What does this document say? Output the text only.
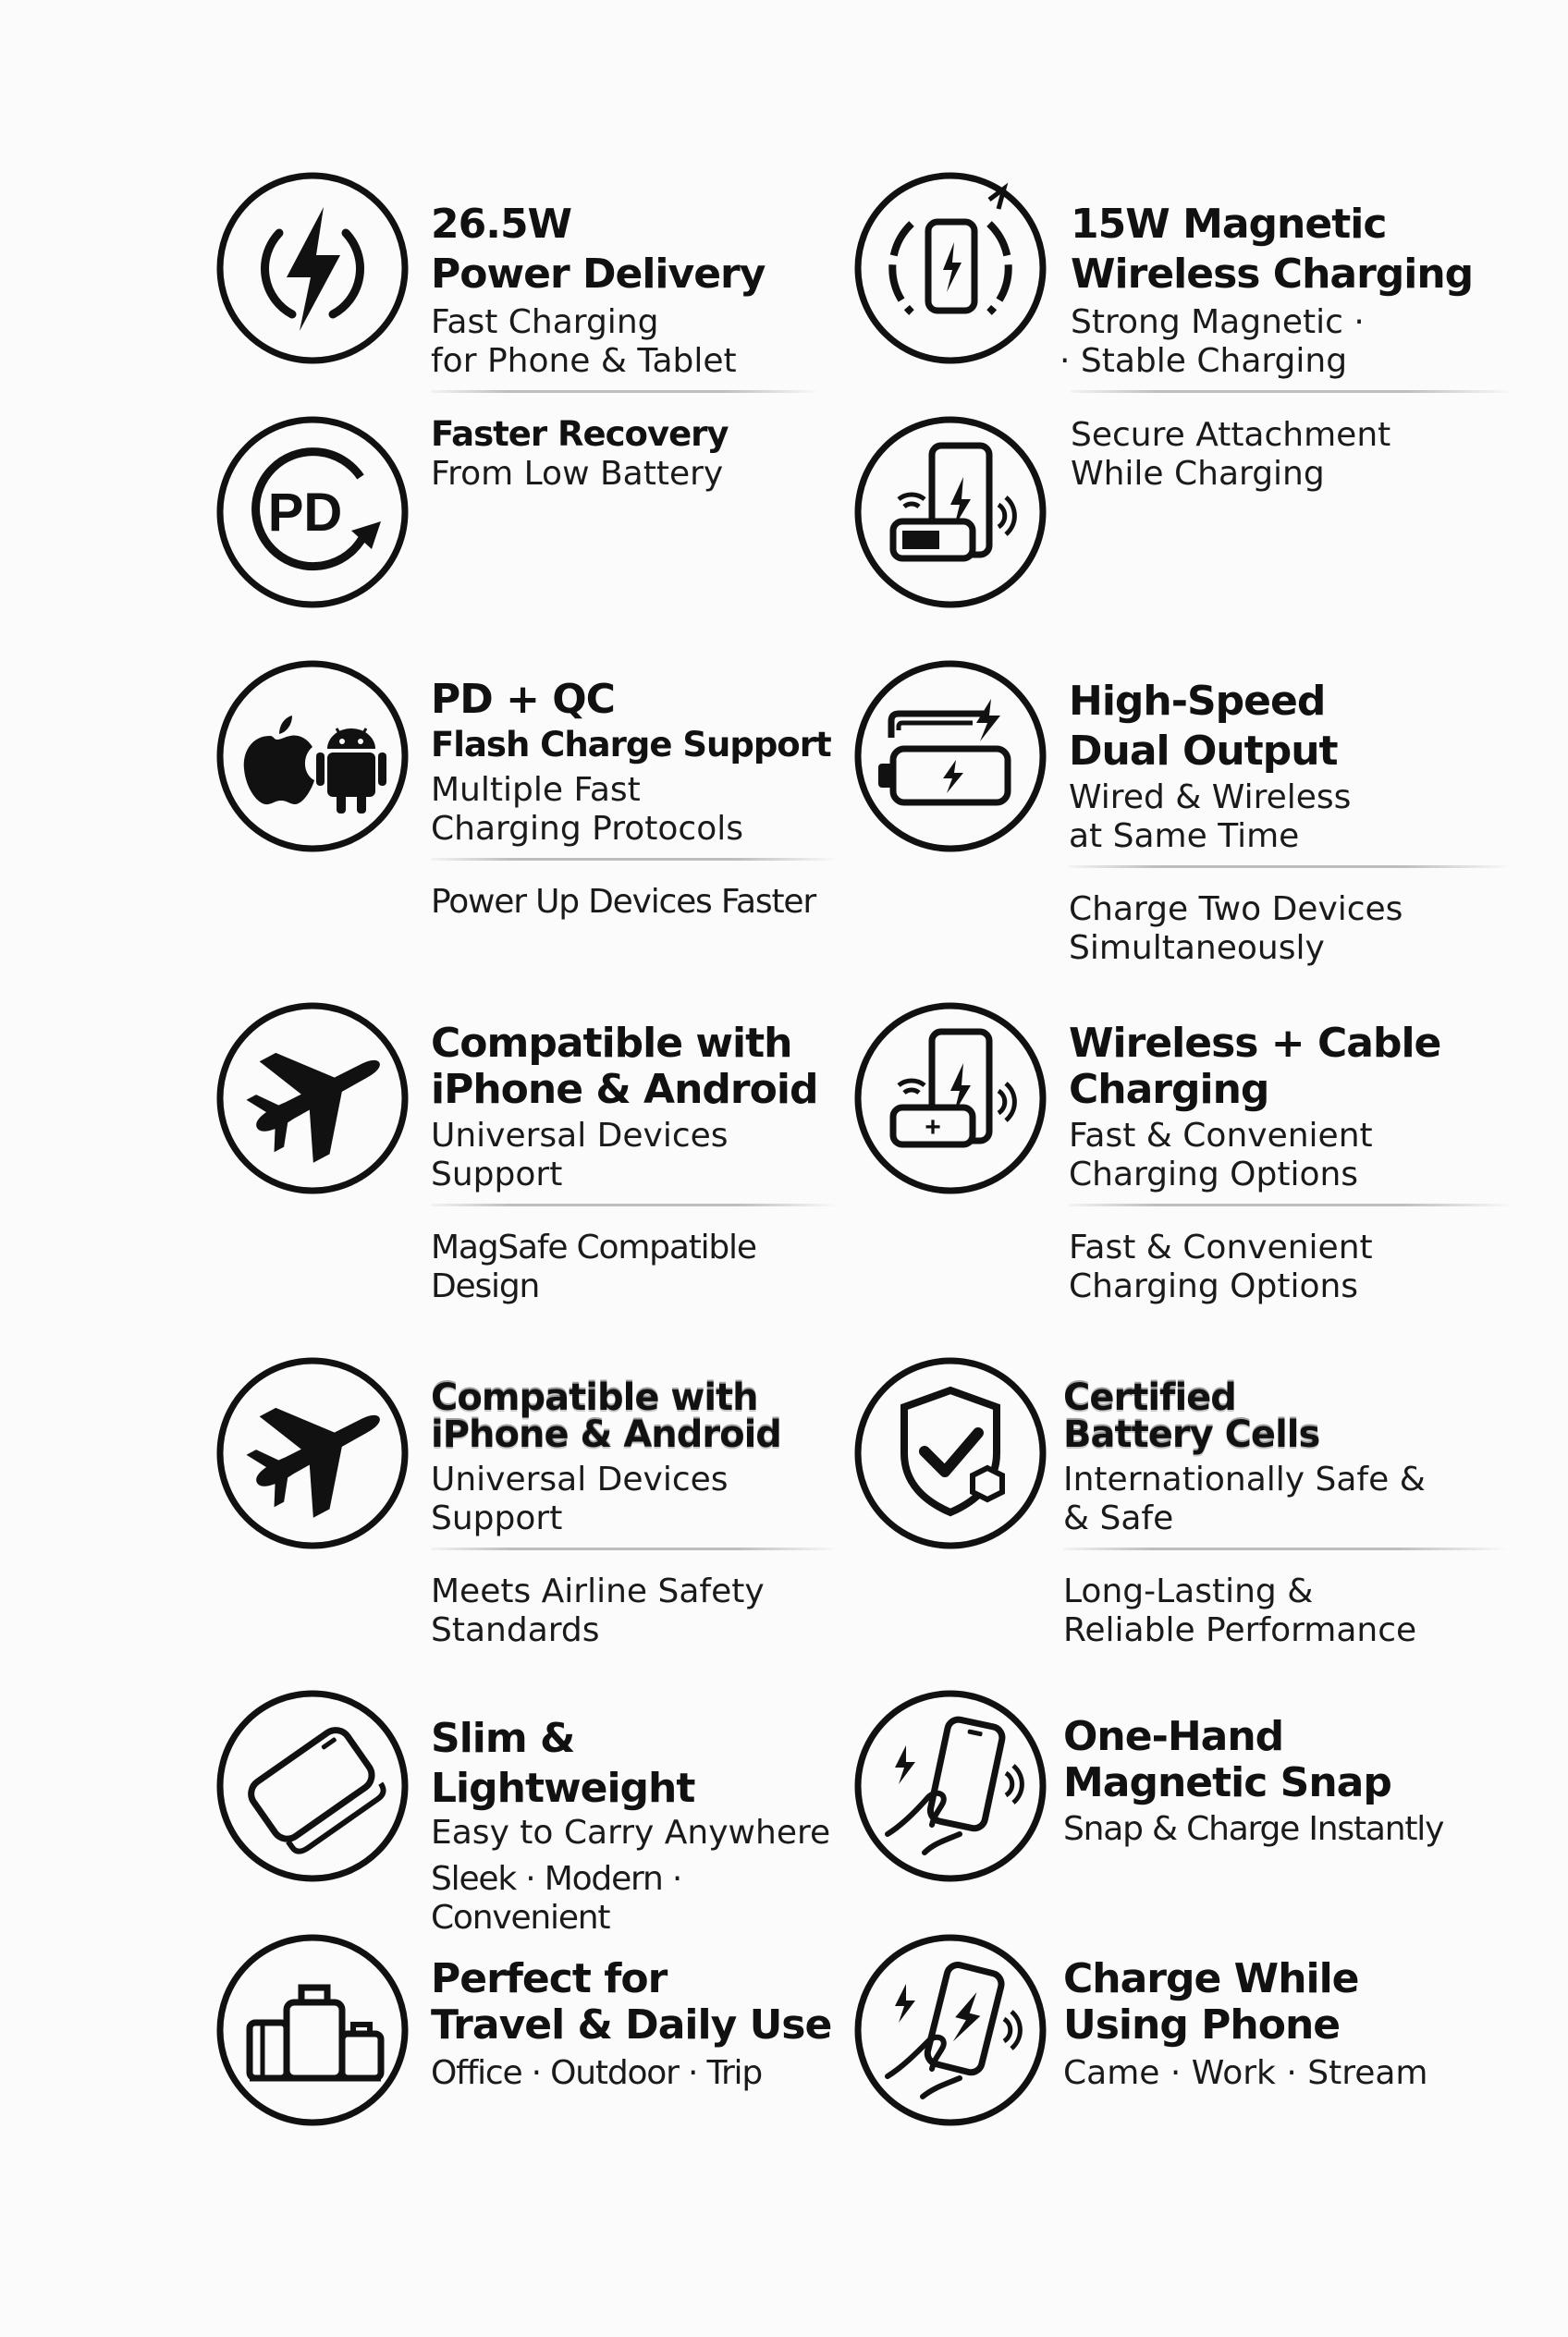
PD
+

26.5W

Power Delivery

Fast Charging

for Phone & Tablet

Faster Recovery

From Low Battery

PD + QC

Flash Charge Support

Multiple Fast

Charging Protocols

Power Up Devices Faster

Compatible with

iPhone & Android

Universal Devices

Support

MagSafe Compatible Design

Compatible with

iPhone & Android

Universal Devices

Support

Meets Airline Safety

Standards

Slim & Lightweight

Easy to Carry Anywhere

Sleek · Modern · Convenient

Perfect for

Travel & Daily Use

Office · Outdoor · Trip

15W Magnetic

Wireless Charging

Strong Magnetic ·

· Stable Charging

Secure Attachment

While Charging

High-Speed

Dual Output

Wired & Wireless

at Same Time

Charge Two Devices

Simultaneously

Wireless + Cable

Charging

Fast & Convenient

Charging Options

Fast & Convenient

Charging Options

Certified

Battery Cells

Internationally Safe &

& Safe

Long-Lasting &

Reliable Performance

One-Hand

Magnetic Snap

Snap & Charge Instantly

Charge While

Using Phone

Came · Work · Stream
